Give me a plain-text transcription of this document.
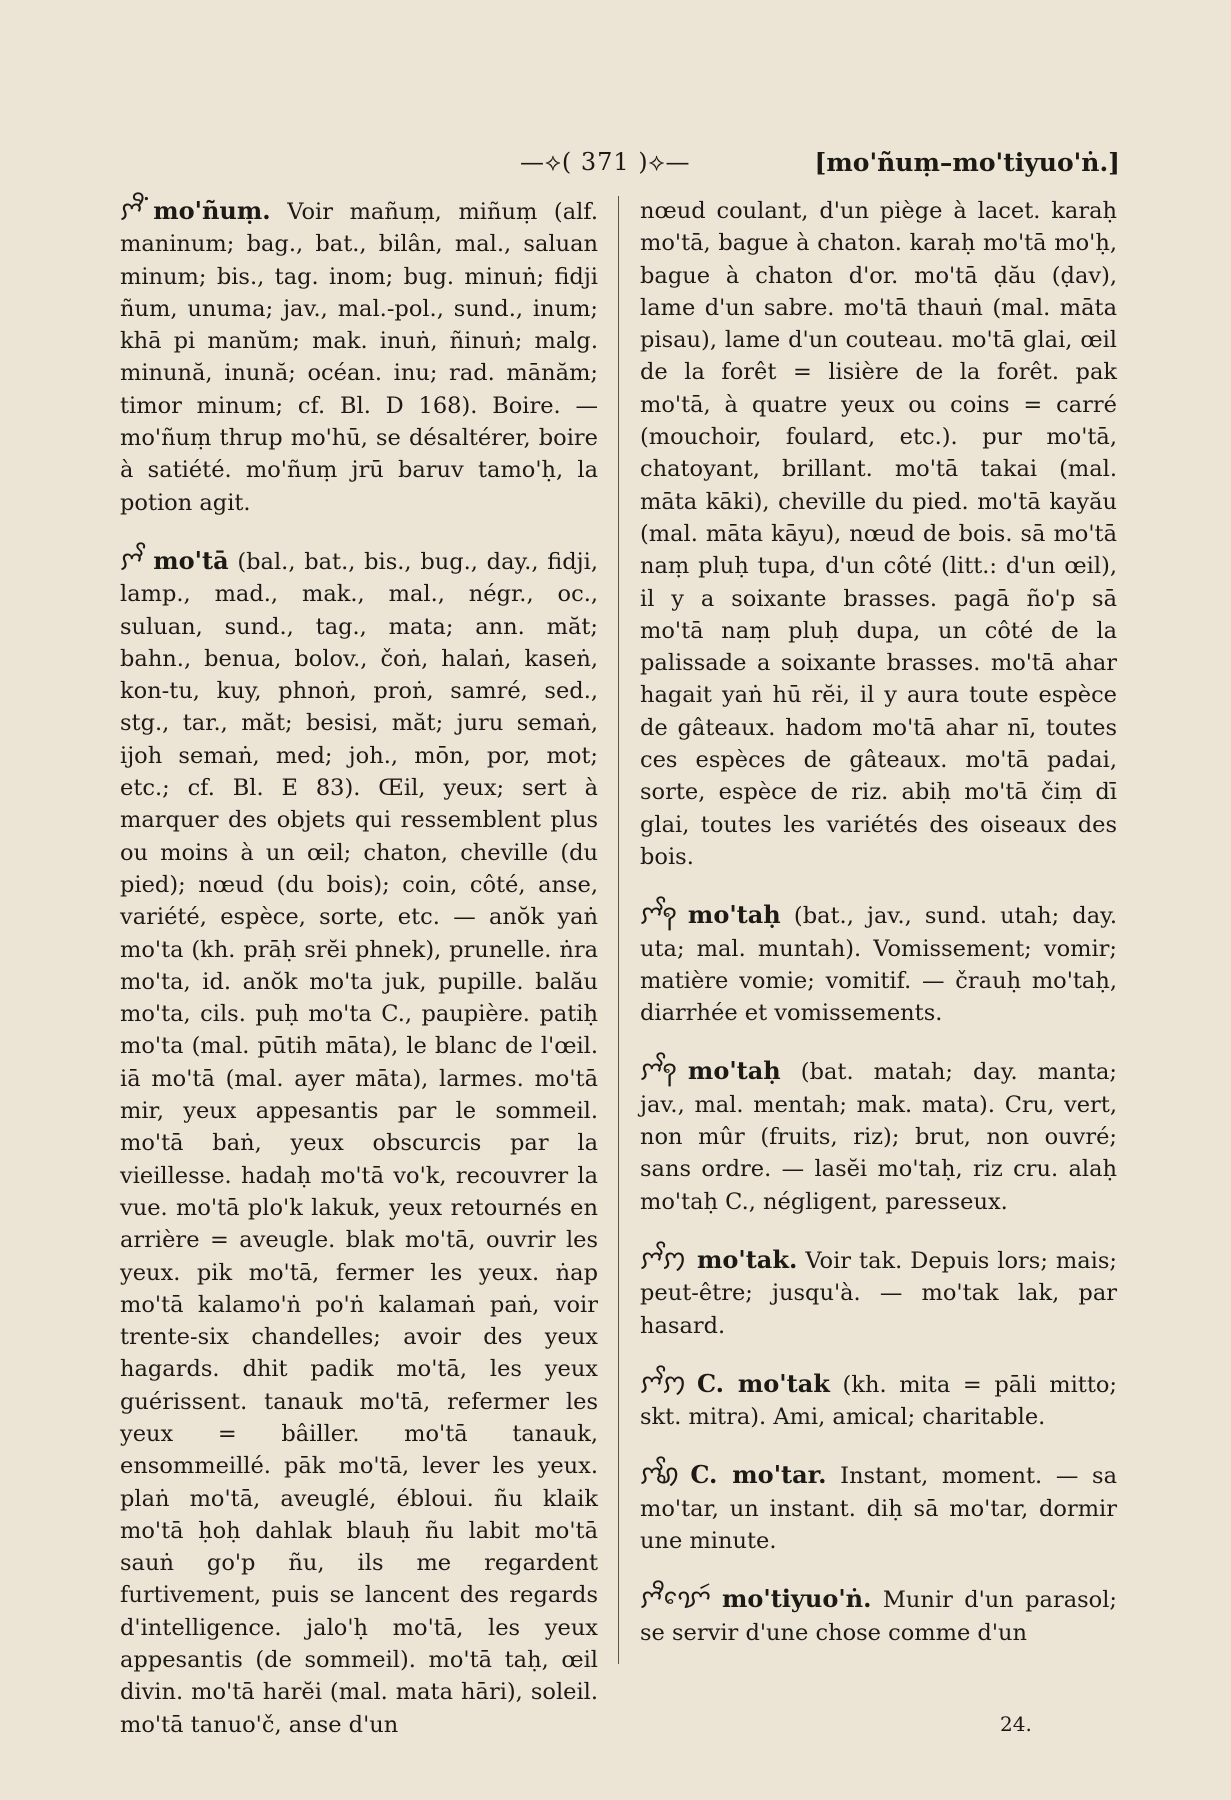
—⟡( 371 )⟡—	[mo'ñuṃ–mo'tiyuo'ṅ.]

ꨆꨪꩌ mo'ñuṃ. Voir mañuṃ, miñuṃ (alf. maninum; bag., bat., bilân, mal., saluan minum; bis., tag. inom; bug. minuṅ; fidji ñum, unuma; jav., mal.-pol., sund., inum; khā pi manŭm; mak. inuṅ, ñinuṅ; malg. minună, inună; océan. inu; rad. mānăm; timor minum; cf. Bl. D 168). Boire. — mo'ñuṃ thrup mo'hū, se désaltérer, boire à satiété. mo'ñuṃ jrū baruv tamo'ḥ, la potion agit.

ꨆꨩ mo'tā (bal., bat., bis., bug., day., fidji, lamp., mad., mak., mal., négr., oc., suluan, sund., tag., mata; ann. măt; bahn., benua, bolov., čoṅ, halaṅ, kaseṅ, kon-tu, kuy, phnoṅ, proṅ, samré, sed., stg., tar., măt; besisi, măt; juru semaṅ, ijoh semaṅ, med; joh., mōn, por, mot; etc.; cf. Bl. E 83). Œil, yeux; sert à marquer des objets qui ressemblent plus ou moins à un œil; chaton, cheville (du pied); nœud (du bois); coin, côté, anse, variété, espèce, sorte, etc. — anŏk yaṅ mo'ta (kh. prāḥ srĕi phnek), prunelle. ṅra mo'ta, id. anŏk mo'ta juk, pupille. balău mo'ta, cils. puḥ mo'ta C., paupière. patiḥ mo'ta (mal. pūtih māta), le blanc de l'œil. iā mo'tā (mal. ayer māta), larmes. mo'tā mir, yeux appesantis par le sommeil. mo'tā baṅ, yeux obscurcis par la vieillesse. hadaḥ mo'tā vo'k, recouvrer la vue. mo'tā plo'k lakuk, yeux retournés en arrière = aveugle. blak mo'tā, ouvrir les yeux. pik mo'tā, fermer les yeux. ṅap mo'tā kalamo'ṅ po'ṅ kalamaṅ paṅ, voir trente-six chandelles; avoir des yeux hagards. dhit padik mo'tā, les yeux guérissent. tanauk mo'tā, refermer les yeux = bâiller. mo'tā tanauk, ensommeillé. pāk mo'tā, lever les yeux. plaṅ mo'tā, aveuglé, ébloui. ñu klaik mo'tā ḥoḥ dahlak blauḥ ñu labit mo'tā sauṅ go'p ñu, ils me regardent furtivement, puis se lancent des regards d'intelligence. jalo'ḥ mo'tā, les yeux appesantis (de sommeil). mo'tā taḥ, œil divin. mo'tā harĕi (mal. mata hāri), soleil. mo'tā tanuo'č, anse d'un

nœud coulant, d'un piège à lacet. karaḥ mo'tā, bague à chaton. karaḥ mo'tā mo'ḥ, bague à chaton d'or. mo'tā ḍău (ḍav), lame d'un sabre. mo'tā thauṅ (mal. māta pisau), lame d'un couteau. mo'tā glai, œil de la forêt = lisière de la forêt. pak mo'tā, à quatre yeux ou coins = carré (mouchoir, foulard, etc.). pur mo'tā, chatoyant, brillant. mo'tā takai (mal. māta kāki), cheville du pied. mo'tā kayău (mal. māta kāyu), nœud de bois. sā mo'tā naṃ pluḥ tupa, d'un côté (litt.: d'un œil), il y a soixante brasses. pagā ño'p sā mo'tā naṃ pluḥ dupa, un côté de la palissade a soixante brasses. mo'tā ahar hagait yaṅ hū rĕi, il y aura toute espèce de gâteaux. hadom mo'tā ahar nī, toutes ces espèces de gâteaux. mo'tā padai, sorte, espèce de riz. abiḥ mo'tā čiṃ dī glai, toutes les variétés des oiseaux des bois.

ꨆꨩꩍ mo'taḥ (bat., jav., sund. utah; day. uta; mal. muntah). Vomissement; vomir; matière vomie; vomitif. — črauḥ mo'taḥ, diarrhée et vomissements.

ꨆꨩꩍ mo'taḥ (bat. matah; day. manta; jav., mal. mentah; mak. mata). Cru, vert, non mûr (fruits, riz); brut, non ouvré; sans ordre. — lasĕi mo'taḥ, riz cru. alaḥ mo'taḥ C., négligent, paresseux.

ꨆꨩꩀ mo'tak. Voir tak. Depuis lors; mais; peut-être; jusqu'à. — mo'tak lak, par hasard.

ꨆꨩꩀ C. mo'tak (kh. mita = pāli mitto; skt. mitra). Ami, amical; charitable.

ꨆꨩꩉ C. mo'tar. Instant, moment. — sa mo'tar, un instant. diḥ sā mo'tar, dormir une minute.

ꨆꨪꨢꨯꩃ mo'tiyuo'ṅ. Munir d'un parasol; se servir d'une chose comme d'un

24.
